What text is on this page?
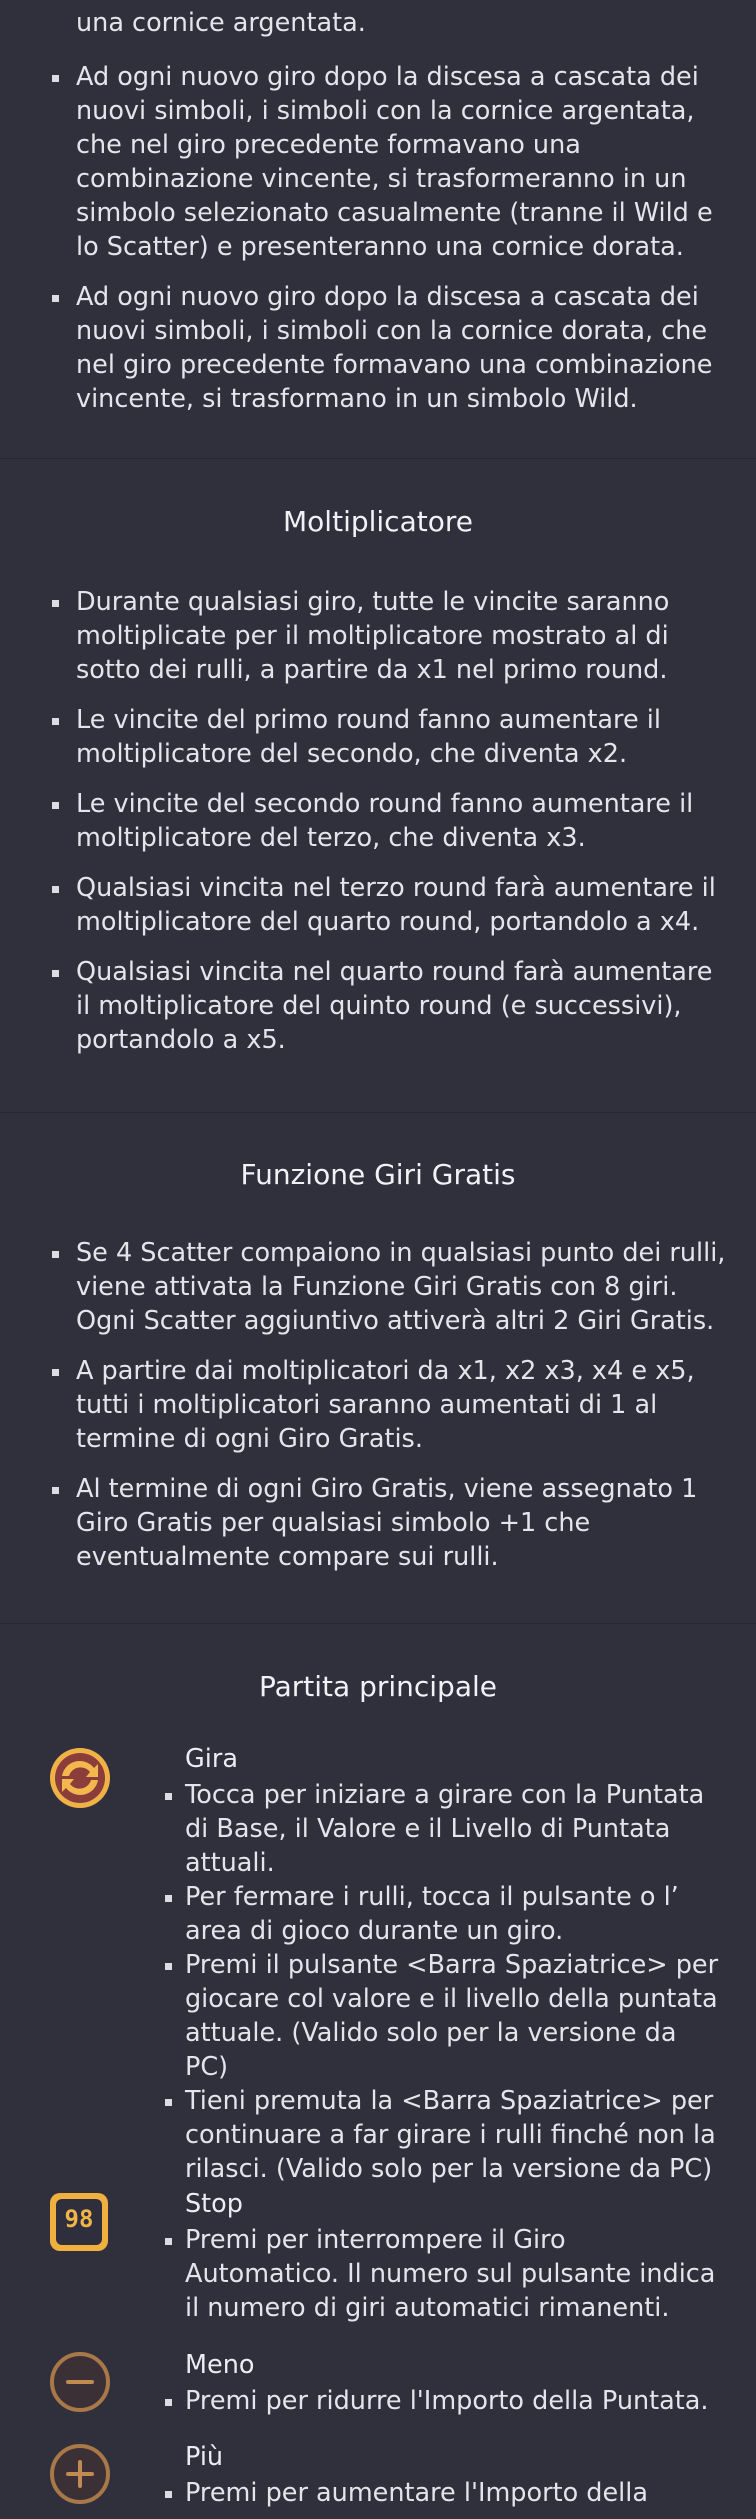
una cornice argentata.
Ad ogni nuovo giro dopo la discesa a cascata dei nuovi simboli, i simboli con la cornice argentata, che nel giro precedente formavano una combinazione vincente, si trasformeranno in un simbolo selezionato casualmente (tranne il Wild e lo Scatter) e presenteranno una cornice dorata.
Ad ogni nuovo giro dopo la discesa a cascata dei nuovi simboli, i simboli con la cornice dorata, che nel giro precedente formavano una combinazione vincente, si trasformano in un simbolo Wild.
Moltiplicatore
Durante qualsiasi giro, tutte le vincite saranno moltiplicate per il moltiplicatore mostrato al di sotto dei rulli, a partire da x1 nel primo round.
Le vincite del primo round fanno aumentare il moltiplicatore del secondo, che diventa x2.
Le vincite del secondo round fanno aumentare il moltiplicatore del terzo, che diventa x3.
Qualsiasi vincita nel terzo round farà aumentare il moltiplicatore del quarto round, portandolo a x4.
Qualsiasi vincita nel quarto round farà aumentare il moltiplicatore del quinto round (e successivi), portandolo a x5.
Funzione Giri Gratis
Se 4 Scatter compaiono in qualsiasi punto dei rulli, viene attivata la Funzione Giri Gratis con 8 giri. Ogni Scatter aggiuntivo attiverà altri 2 Giri Gratis.
A partire dai moltiplicatori da x1, x2 x3, x4 e x5, tutti i moltiplicatori saranno aumentati di 1 al termine di ogni Giro Gratis.
Al termine di ogni Giro Gratis, viene assegnato 1 Giro Gratis per qualsiasi simbolo +1 che eventualmente compare sui rulli.
Partita principale
Gira
Tocca per iniziare a girare con la Puntata di Base, il Valore e il Livello di Puntata attuali.
Per fermare i rulli, tocca il pulsante o l’ area di gioco durante un giro.
Premi il pulsante <Barra Spaziatrice> per giocare col valore e il livello della puntata attuale. (Valido solo per la versione da PC)
Tieni premuta la <Barra Spaziatrice> per continuare a far girare i rulli finché non la rilasci. (Valido solo per la versione da PC)
98	Stop
Premi per interrompere il Giro Automatico. Il numero sul pulsante indica il numero di giri automatici rimanenti.
Meno
Premi per ridurre l'Importo della Puntata.
Più
Premi per aumentare l'Importo della
